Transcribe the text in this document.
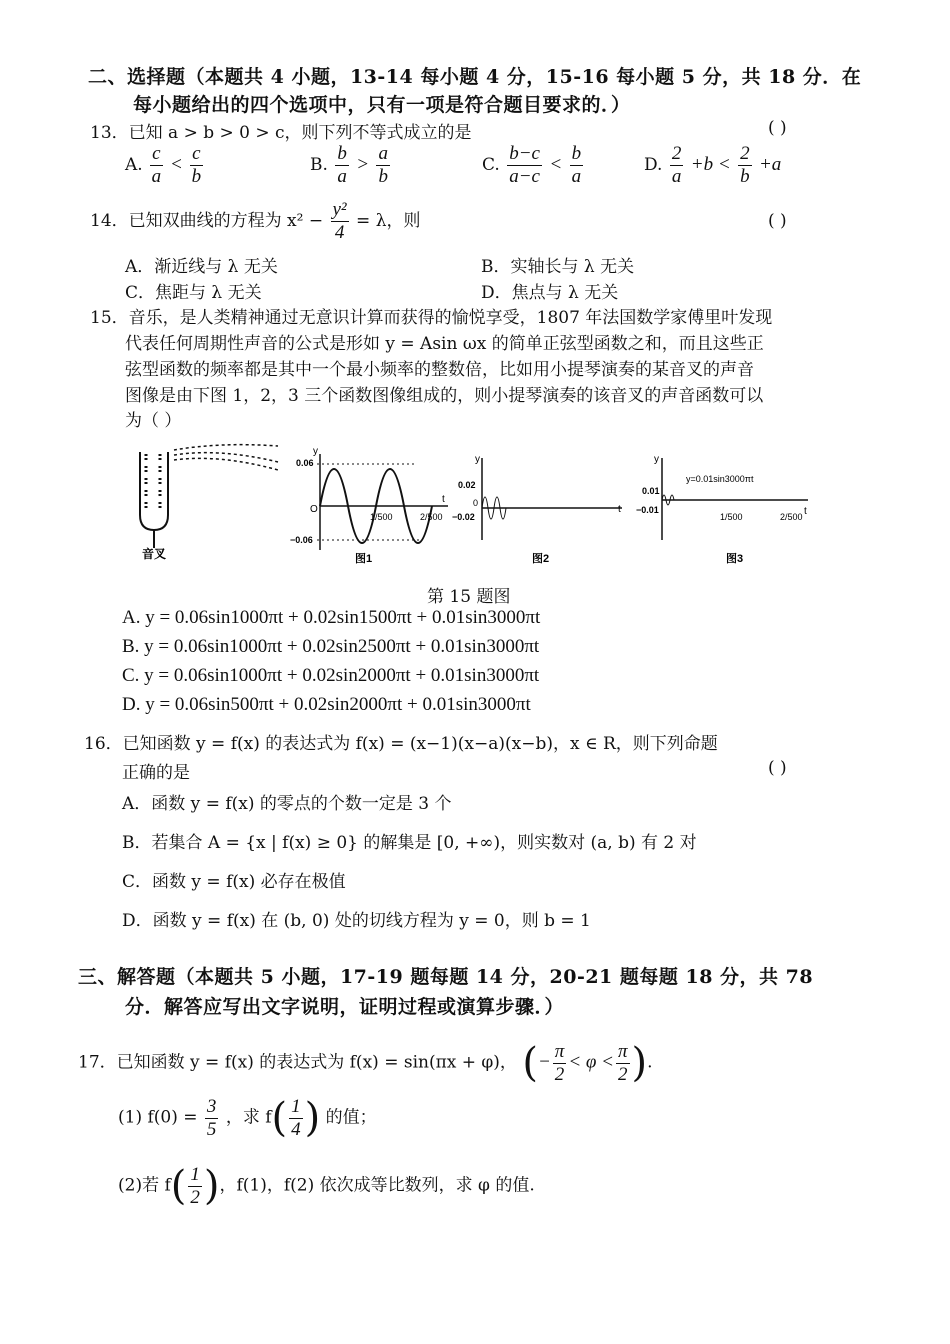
二、选择题（本题共 4 小题，13-14 每小题 4 分，15-16 每小题 5 分，共 18 分．在
每小题给出的四个选项中，只有一项是符合题目要求的．）
13．已知 a > b > 0 > c，则下列不等式成立的是	( )
A. $\frac{c}{a} < \frac{c}{b}$	B. $\frac{b}{a} > \frac{a}{b}$	C. $\frac{b-c}{a-c} < \frac{b}{a}$	D. $\frac{2}{a} +b < \frac{2}{b} +a$
14．已知双曲线的方程为 $x^2 - \frac{\text{y²}}{4} = \lambda$，则	( )
A．渐近线与 λ 无关	B．实轴长与 λ 无关
C．焦距与 λ 无关	D．焦点与 λ 无关
15．音乐，是人类精神通过无意识计算而获得的愉悦享受，1807 年法国数学家傅里叶发现
代表任何周期性声音的公式是形如 y = Asin ωx 的简单正弦型函数之和，而且这些正
弦型函数的频率都是其中一个最小频率的整数倍，比如用小提琴演奏的某音叉的声音
图像是由下图 1，2，3 三个函数图像组成的，则小提琴演奏的该音叉的声音函数可以
为（ ）
音叉
y
0.06
−0.06
O
1/500	2/500
t
图1
y
0.02
−0.02
0
t
图2
y
0.01
−0.01
y=0.01sin3000πt
1/500	2/500 t
图3
第 15 题图
A. y = 0.06sin1000πt + 0.02sin1500πt + 0.01sin3000πt
B. y = 0.06sin1000πt + 0.02sin2500πt + 0.01sin3000πt
C. y = 0.06sin1000πt + 0.02sin2000πt + 0.01sin3000πt
D. y = 0.06sin500πt + 0.02sin2000πt + 0.01sin3000πt
16．已知函数 y = f(x) 的表达式为 f(x) = (x−1)(x−a)(x−b)，x ∈ R，则下列命题
正确的是	( )
A．函数 y = f(x) 的零点的个数一定是 3 个
B．若集合 A = {x | f(x) ≥ 0} 的解集是 [0, +∞)，则实数对 (a, b) 有 2 对
C．函数 y = f(x) 必存在极值
D．函数 y = f(x) 在 (b, 0) 处的切线方程为 y = 0，则 b = 1
三、解答题（本题共 5 小题，17-19 题每题 14 分，20-21 题每题 18 分，共 78
分．解答应写出文字说明，证明过程或演算步骤．）
17．已知函数 y = f(x) 的表达式为 f(x) = sin(πx + φ)， (− $\frac{\pi}{2} < \varphi < \frac{\pi}{2}$ ).
(1) $f(0) = \frac{3}{5}$ ，求 $f( \frac{1}{4}$ ) 的值；
(2)若 $f( \frac{1}{2}$ )，f(1)，f(2) 依次成等比数列，求 φ 的值.
